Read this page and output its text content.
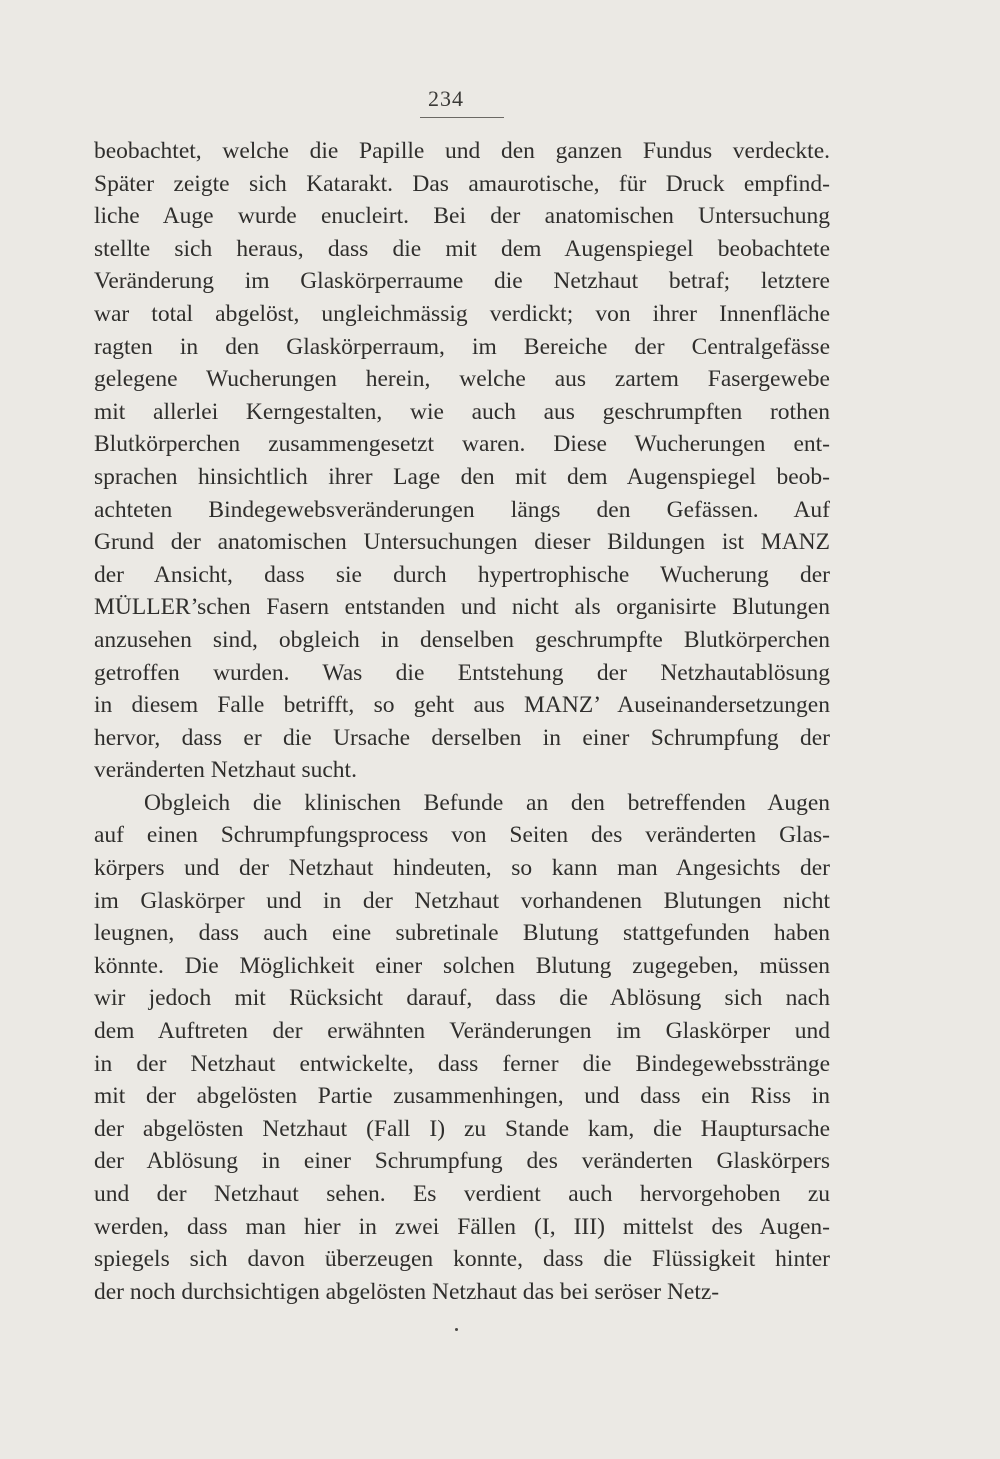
234
beobachtet, welche die Papille und den ganzen Fundus verdeckte.
Später zeigte sich Katarakt. Das amaurotische, für Druck empfind-
liche Auge wurde enucleirt. Bei der anatomischen Untersuchung
stellte sich heraus, dass die mit dem Augenspiegel beobachtete
Veränderung im Glaskörperraume die Netzhaut betraf; letztere
war total abgelöst, ungleichmässig verdickt; von ihrer Innenfläche
ragten in den Glaskörperraum, im Bereiche der Centralgefässe
gelegene Wucherungen herein, welche aus zartem Fasergewebe
mit allerlei Kerngestalten, wie auch aus geschrumpften rothen
Blutkörperchen zusammengesetzt waren. Diese Wucherungen ent-
sprachen hinsichtlich ihrer Lage den mit dem Augenspiegel beob-
achteten Bindegewebsveränderungen längs den Gefässen. Auf
Grund der anatomischen Untersuchungen dieser Bildungen ist MANZ
der Ansicht, dass sie durch hypertrophische Wucherung der
MÜLLER’schen Fasern entstanden und nicht als organisirte Blutungen
anzusehen sind, obgleich in denselben geschrumpfte Blutkörperchen
getroffen wurden. Was die Entstehung der Netzhautablösung
in diesem Falle betrifft, so geht aus MANZ’ Auseinandersetzungen
hervor, dass er die Ursache derselben in einer Schrumpfung der
veränderten Netzhaut sucht.
Obgleich die klinischen Befunde an den betreffenden Augen
auf einen Schrumpfungsprocess von Seiten des veränderten Glas-
körpers und der Netzhaut hindeuten, so kann man Angesichts der
im Glaskörper und in der Netzhaut vorhandenen Blutungen nicht
leugnen, dass auch eine subretinale Blutung stattgefunden haben
könnte. Die Möglichkeit einer solchen Blutung zugegeben, müssen
wir jedoch mit Rücksicht darauf, dass die Ablösung sich nach
dem Auftreten der erwähnten Veränderungen im Glaskörper und
in der Netzhaut entwickelte, dass ferner die Bindegewebsstränge
mit der abgelösten Partie zusammenhingen, und dass ein Riss in
der abgelösten Netzhaut (Fall I) zu Stande kam, die Hauptursache
der Ablösung in einer Schrumpfung des veränderten Glaskörpers
und der Netzhaut sehen. Es verdient auch hervorgehoben zu
werden, dass man hier in zwei Fällen (I, III) mittelst des Augen-
spiegels sich davon überzeugen konnte, dass die Flüssigkeit hinter
der noch durchsichtigen abgelösten Netzhaut das bei seröser Netz-
